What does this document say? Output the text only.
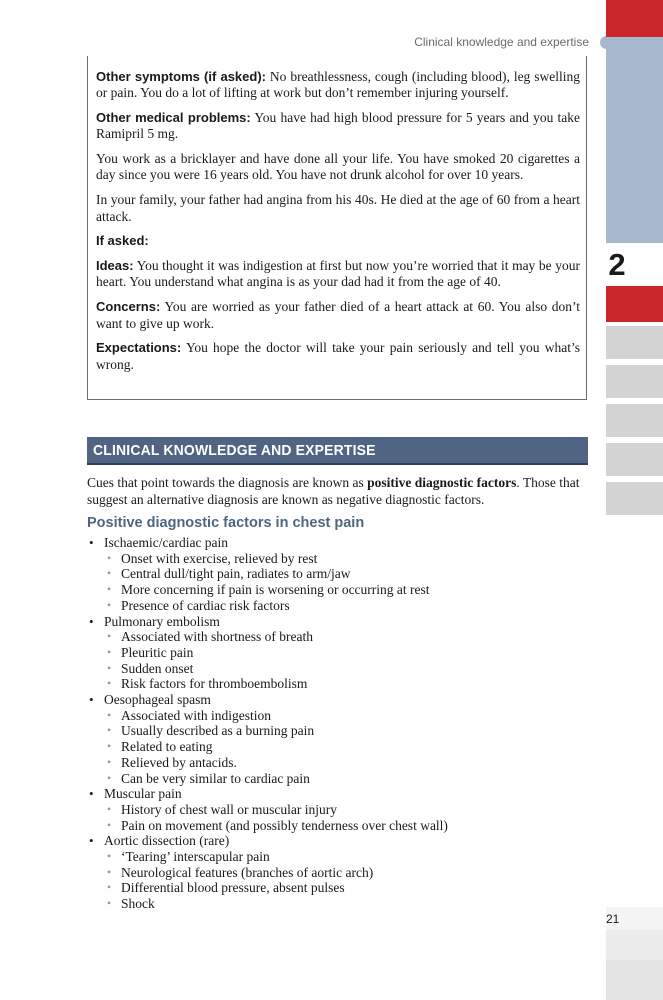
Clinical knowledge and expertise
2

Other symptoms (if asked): No breathlessness, cough (including blood), leg swelling or pain. You do a lot of lifting at work but don’t remember injuring yourself.

Other medical problems: You have had high blood pressure for 5 years and you take Ramipril 5 mg.

You work as a bricklayer and have done all your life. You have smoked 20 cigarettes a day since you were 16 years old. You have not drunk alcohol for over 10 years.

In your family, your father had angina from his 40s. He died at the age of 60 from a heart attack.

If asked:

Ideas: You thought it was indigestion at first but now you’re worried that it may be your heart. You understand what angina is as your dad had it from the age of 40.

Concerns: You are worried as your father died of a heart attack at 60. You also don’t want to give up work.

Expectations: You hope the doctor will take your pain seriously and tell you what’s wrong.

CLINICAL KNOWLEDGE AND EXPERTISE

Cues that point towards the diagnosis are known as positive diagnostic factors. Those that suggest an alternative diagnosis are known as negative diagnostic factors.

Positive diagnostic factors in chest pain
• Ischaemic/cardiac pain
• Onset with exercise, relieved by rest
• Central dull/tight pain, radiates to arm/jaw
• More concerning if pain is worsening or occurring at rest
• Presence of cardiac risk factors
• Pulmonary embolism
• Associated with shortness of breath
• Pleuritic pain
• Sudden onset
• Risk factors for thromboembolism
• Oesophageal spasm
• Associated with indigestion
• Usually described as a burning pain
• Related to eating
• Relieved by antacids.
• Can be very similar to cardiac pain
• Muscular pain
• History of chest wall or muscular injury
• Pain on movement (and possibly tenderness over chest wall)
• Aortic dissection (rare)
• ‘Tearing’ interscapular pain
• Neurological features (branches of aortic arch)
• Differential blood pressure, absent pulses
• Shock
21
